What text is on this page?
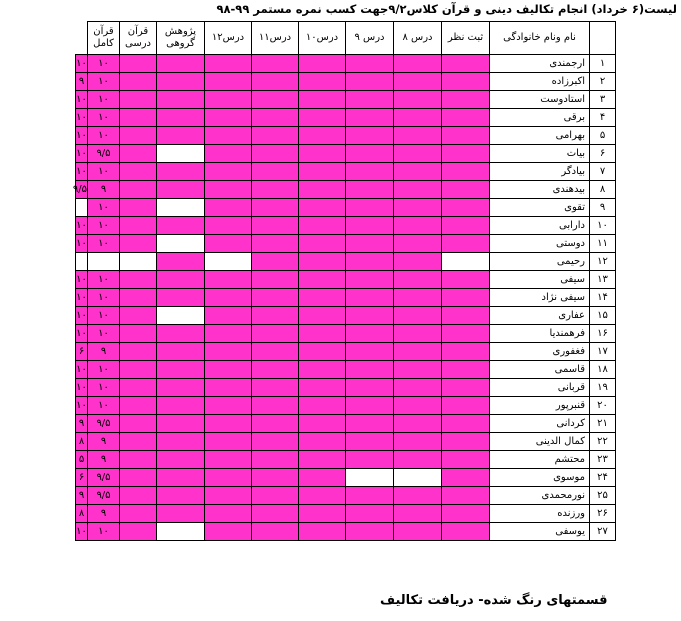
لیست(۶ خرداد) انجام تکالیف دینی و قرآن کلاس۹/۲جهت کسب نمره مستمر ۹۹-۹۸
	نام ونام خانوادگی	ثبت نظر	درس ۸	درس ۹	درس۱۰	درس۱۱	درس۱۲	پژوهش گروهی	قرآن درسی	قرآن کامل	
۱	ارجمندی									۱۰	۱۰
۲	اکبرزاده									۱۰	۹
۳	استادوست									۱۰	۱۰
۴	برقی									۱۰	۱۰
۵	بهرامی									۱۰	۱۰
۶	بیات									۹/۵	۱۰
۷	بیادگر									۱۰	۱۰
۸	بیدهندی									۹	۹/۵
۹	تقوی									۱۰	
۱۰	دارابی									۱۰	۱۰
۱۱	دوستی									۱۰	۱۰
۱۲	رحیمی										
۱۳	سیفی									۱۰	۱۰
۱۴	سیفی نژاد									۱۰	۱۰
۱۵	عفاری									۱۰	۱۰
۱۶	فرهمندیا									۱۰	۱۰
۱۷	فغفوری									۹	۶
۱۸	قاسمی									۱۰	۱۰
۱۹	قربانی									۱۰	۱۰
۲۰	قنبرپور									۱۰	۱۰
۲۱	کردانی									۹/۵	۹
۲۲	کمال الدینی									۹	۸
۲۳	محتشم									۹	۵
۲۴	موسوی									۹/۵	۶
۲۵	نورمحمدی									۹/۵	۹
۲۶	ورزنده									۹	۸
۲۷	یوسفی									۱۰	۱۰
قسمتهای رنگ شده- دریافت تکالیف
